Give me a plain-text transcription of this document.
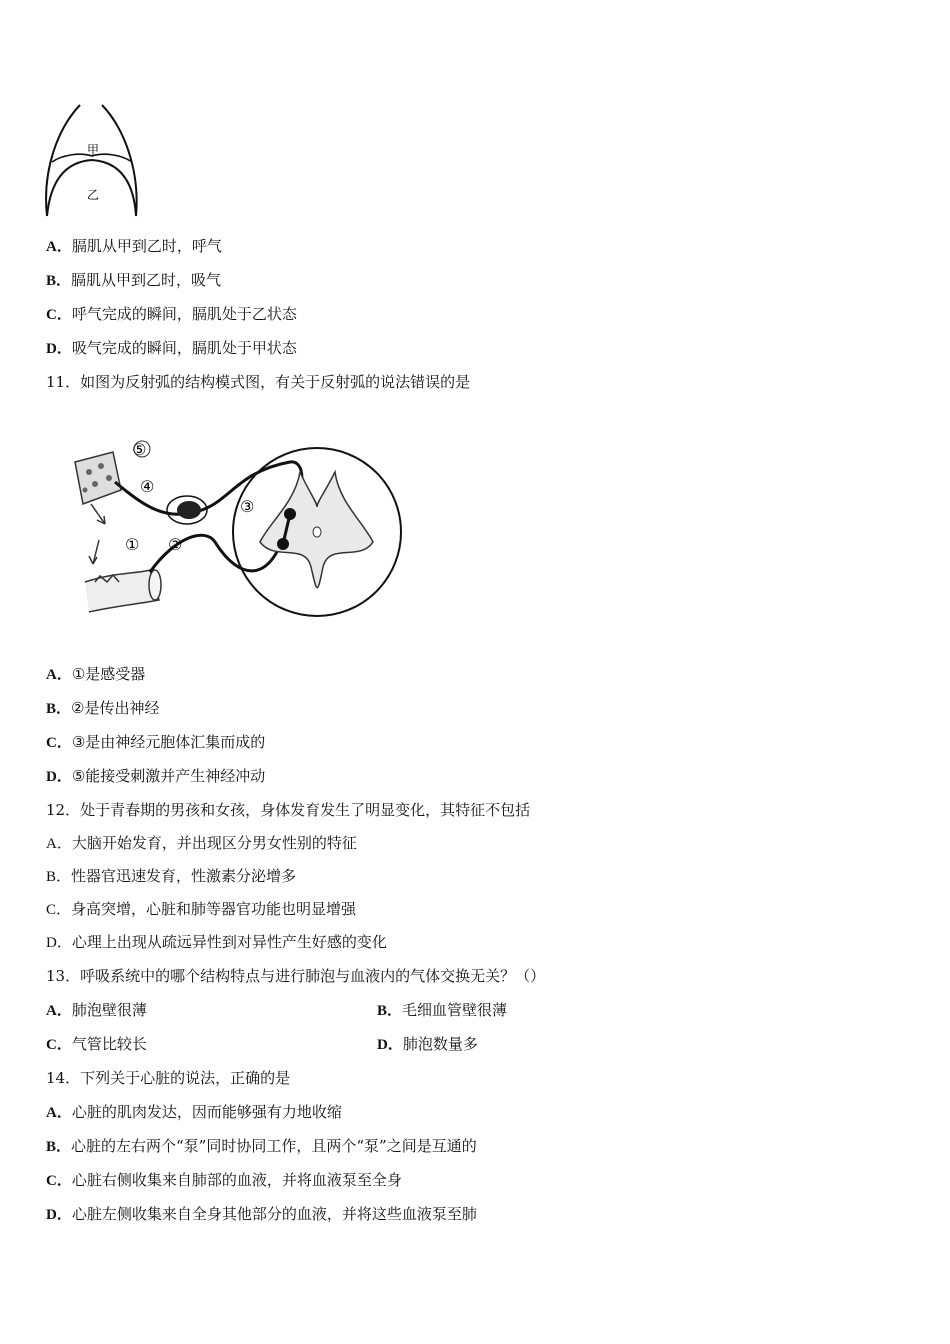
甲
乙
A．膈肌从甲到乙时，呼气
B．膈肌从甲到乙时，吸气
C．呼气完成的瞬间，膈肌处于乙状态
D．吸气完成的瞬间，膈肌处于甲状态
11．如图为反射弧的结构模式图，有关于反射弧的说法错误的是
⑤
④
① ②
③
A．①是感受器
B．②是传出神经
C．③是由神经元胞体汇集而成的
D．⑤能接受刺激并产生神经冲动
12．处于青春期的男孩和女孩，身体发育发生了明显变化，其特征不包括
A．大脑开始发育，并出现区分男女性别的特征
B．性器官迅速发育，性激素分泌增多
C．身高突增，心脏和肺等器官功能也明显增强
D．心理上出现从疏远异性到对异性产生好感的变化
13．呼吸系统中的哪个结构特点与进行肺泡与血液内的气体交换无关？（）
A．肺泡壁很薄	B．毛细血管壁很薄
C．气管比较长	D．肺泡数量多
14．下列关于心脏的说法，正确的是
A．心脏的肌肉发达，因而能够强有力地收缩
B．心脏的左右两个“泵”同时协同工作，且两个“泵”之间是互通的
C．心脏右侧收集来自肺部的血液，并将血液泵至全身
D．心脏左侧收集来自全身其他部分的血液，并将这些血液泵至肺
